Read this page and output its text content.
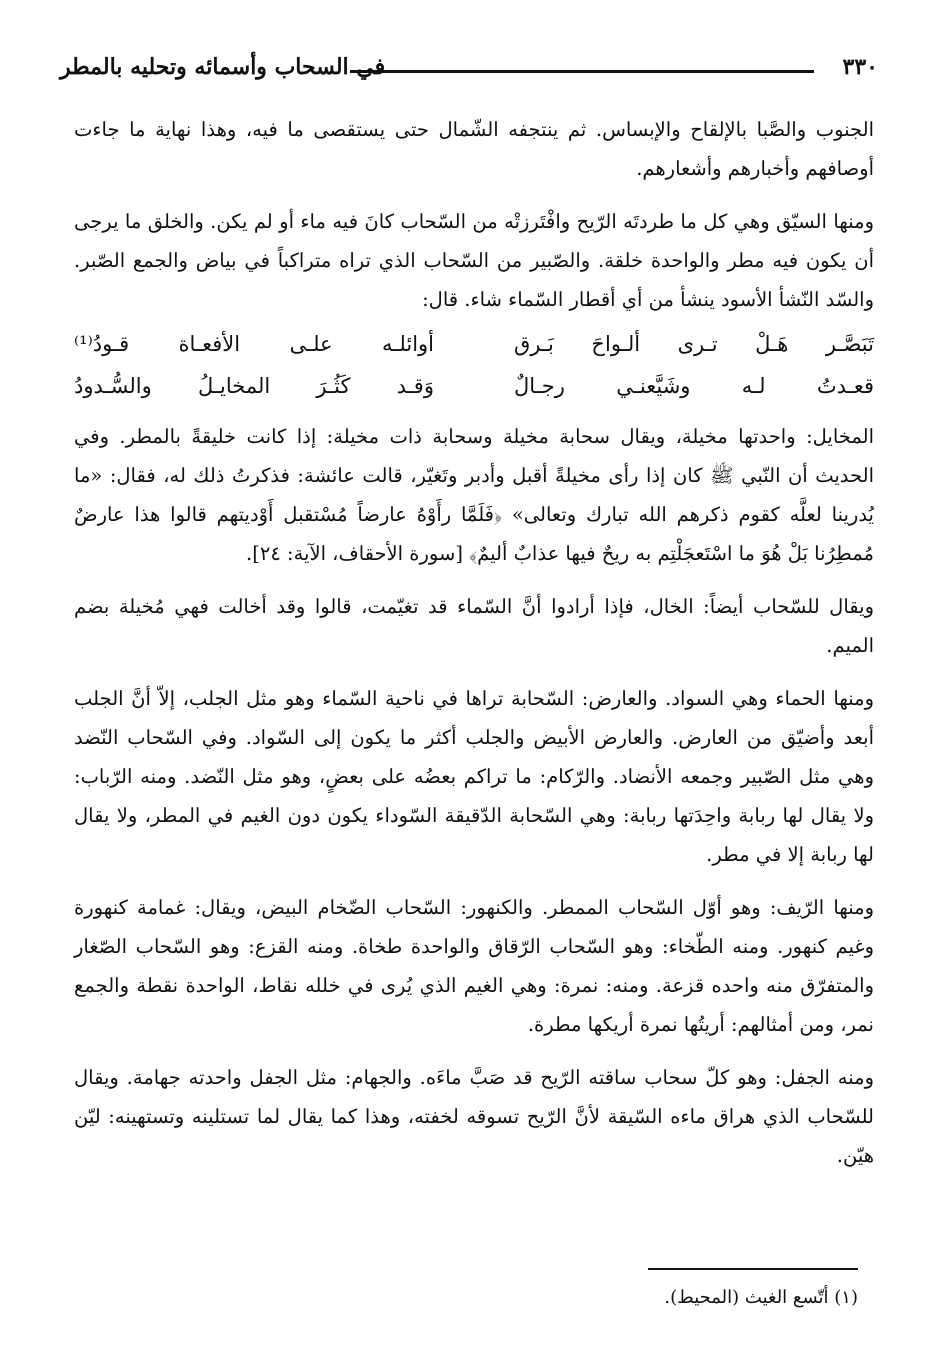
٣٣٠
في السحاب وأسمائه وتحليه بالمطر

الجنوب والصَّبا بالإلقاح والإبساس. ثم ينتجفه الشّمال حتى يستقصى ما فيه، وهذا نهاية ما جاءت أوصافهم وأخبارهم وأشعارهم.

ومنها السيّق وهي كل ما طردتَه الرّيح وافْتَرزتْه من السّحاب كانَ فيه ماء أو لم يكن. والخلق ما يرجى أن يكون فيه مطر والواحدة خلقة. والصّبير من السّحاب الذي تراه متراكباً في بياض والجمع الصّبر. والسّد النّشأ الأسود ينشأ من أي أقطار السّماء شاء. قال:

تَبَصَّـر هَـلْ تـرى ألـواحَ بَـرق
أوائلـه علـى الأفعـاة قـودُ⁽¹⁾
قعـدتُ لـه وشَيَّعنـي رجـالٌ
وَقـد كَثُـرَ المخايـلُ والسُّـدودُ

المخايل: واحدتها مخيلة، ويقال سحابة مخيلة وسحابة ذات مخيلة: إذا كانت خليقةً بالمطر. وفي الحديث أن النّبي ﷺ كان إذا رأى مخيلةً أقبل وأدبر وتَغيّر، قالت عائشة: فذكرتُ ذلك له، فقال: «ما يُدرينا لعلَّه كقوم ذكرهم الله تبارك وتعالى» ﴿فَلَمَّا رأَوْهُ عارضاً مُسْتقبل أَوْديتهم قالوا هذا عارضٌ مُمطِرُنا بَلْ هُوَ ما اسْتَعجَلْتِم به ريحٌ فيها عذابٌ أليمٌ﴾ [سورة الأحقاف، الآية: ٢٤].

ويقال للسّحاب أيضاً: الخال، فإذا أرادوا أنَّ السّماء قد تغيّمت، قالوا وقد أخالت فهي مُخيلة بضم الميم.

ومنها الحماء وهي السواد. والعارض: السّحابة تراها في ناحية السّماء وهو مثل الجلب، إلاّ أنَّ الجلب أبعد وأضيّق من العارض. والعارض الأبيض والجلب أكثر ما يكون إلى السّواد. وفي السّحاب النّضد وهي مثل الصّبير وجمعه الأنضاد. والرّكام: ما تراكم بعضُه على بعضٍ، وهو مثل النّضد. ومنه الرّباب: ولا يقال لها ربابة واحِدَتها ربابة: وهي السّحابة الدّقيقة السّوداء يكون دون الغيم في المطر، ولا يقال لها ربابة إلا في مطر.

ومنها الرّيف: وهو أوّل السّحاب الممطر. والكنهور: السّحاب الضّخام البيض، ويقال: غمامة كنهورة وغيم كنهور. ومنه الطّخاء: وهو السّحاب الرّقاق والواحدة طخاة. ومنه القزع: وهو السّحاب الصّغار والمتفرّق منه واحده قزعة. ومنه: نمرة: وهي الغيم الذي يُرى في خلله نقاط، الواحدة نقطة والجمع نمر، ومن أمثالهم: أريتُها نمرة أريكها مطرة.

ومنه الجفل: وهو كلّ سحاب ساقته الرّيح قد صَبَّ ماءَه. والجهام: مثل الجفل واحدته جهامة. ويقال للسّحاب الذي هراق ماءه السّيقة لأنَّ الرّيح تسوقه لخفته، وهذا كما يقال لما تستلينه وتستهينه: ليّن هيّن.

(١) أتّسع الغيث (المحيط).
